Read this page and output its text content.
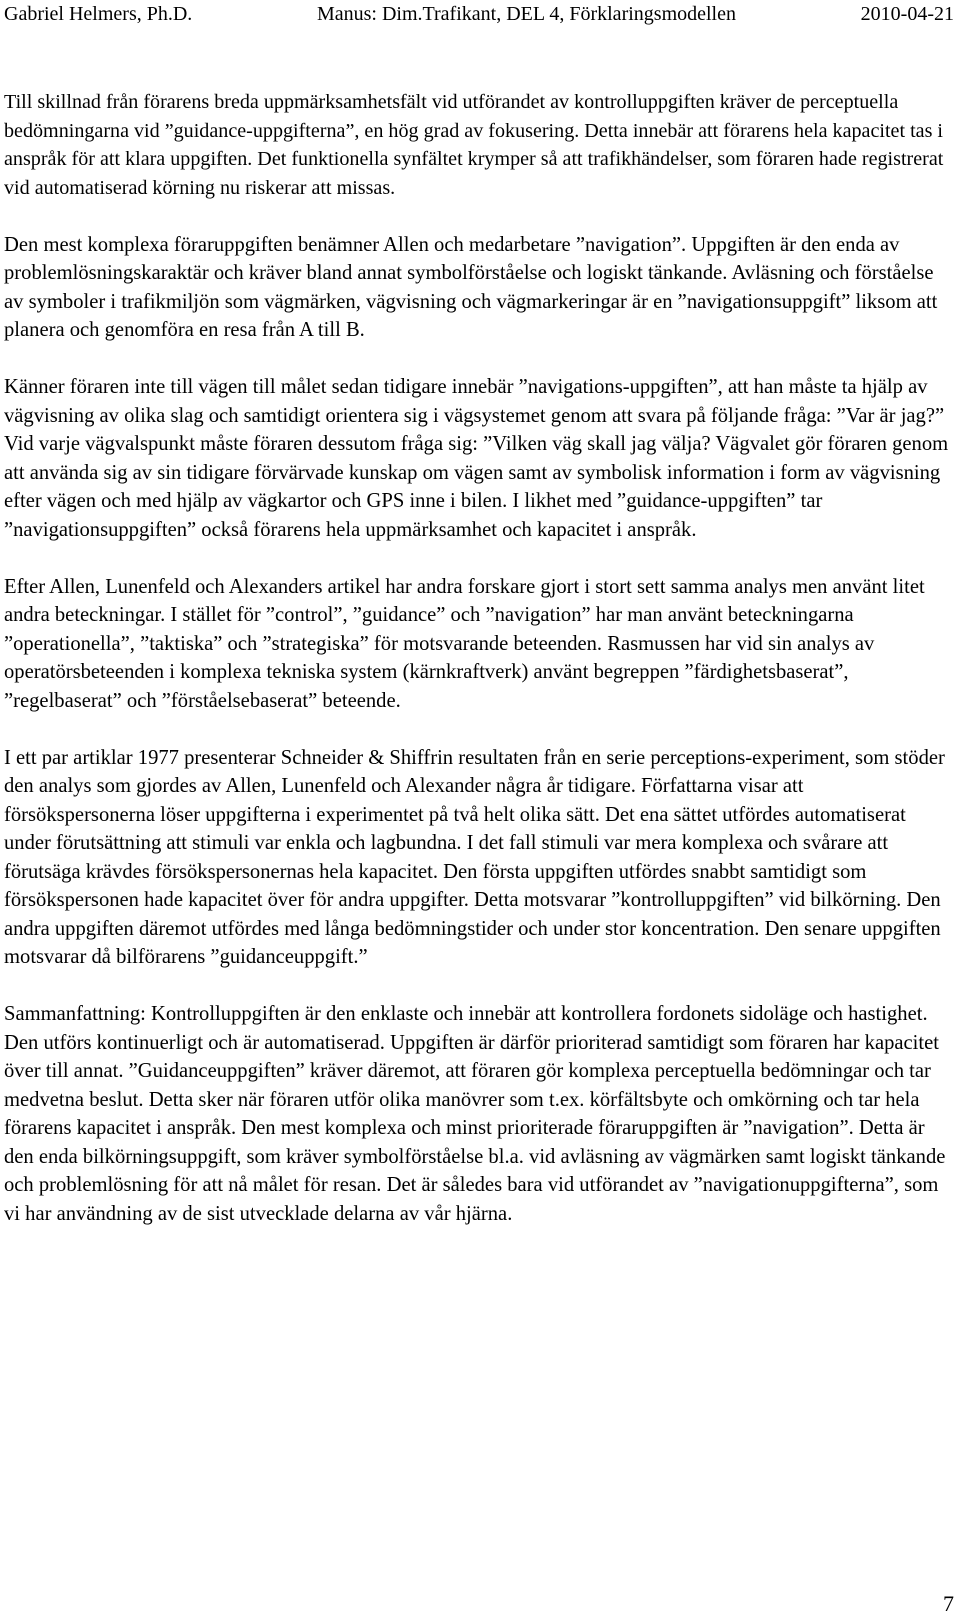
Gabriel Helmers, Ph.D.	Manus: Dim.Trafikant, DEL 4, Förklaringsmodellen	2010-04-21

Till skillnad från förarens breda uppmärksamhetsfält vid utförandet av kontrolluppgiften kräver de perceptuella bedömningarna vid ”guidance-uppgifterna”, en hög grad av fokusering. Detta innebär att förarens hela kapacitet tas i anspråk för att klara uppgiften. Det funktionella synfältet krymper så att trafikhändelser, som föraren hade registrerat vid automatiserad körning nu riskerar att missas.

Den mest komplexa föraruppgiften benämner Allen och medarbetare ”navigation”. Uppgiften är den enda av problemlösningskaraktär och kräver bland annat symbolförståelse och logiskt tänkande. Avläsning och förståelse av symboler i trafikmiljön som vägmärken, vägvisning och vägmarkeringar är en ”navigationsuppgift” liksom att planera och genomföra en resa från A till B.

Känner föraren inte till vägen till målet sedan tidigare innebär ”navigations-uppgiften”, att han måste ta hjälp av vägvisning av olika slag och samtidigt orientera sig i vägsystemet genom att svara på följande fråga: ”Var är jag?” Vid varje vägvalspunkt måste föraren dessutom fråga sig: ”Vilken väg skall jag välja? Vägvalet gör föraren genom att använda sig av sin tidigare förvärvade kunskap om vägen samt av symbolisk information i form av vägvisning efter vägen och med hjälp av vägkartor och GPS inne i bilen. I likhet med ”guidance-uppgiften” tar ”navigationsuppgiften” också förarens hela uppmärksamhet och kapacitet i anspråk.

Efter Allen, Lunenfeld och Alexanders artikel har andra forskare gjort i stort sett samma analys men använt litet andra beteckningar. I stället för ”control”, ”guidance” och ”navigation” har man använt beteckningarna ”operationella”, ”taktiska” och ”strategiska” för motsvarande beteenden. Rasmussen har vid sin analys av operatörsbeteenden i komplexa tekniska system (kärnkraftverk) använt begreppen ”färdighetsbaserat”, ”regelbaserat” och ”förståelsebaserat” beteende.

I ett par artiklar 1977 presenterar Schneider & Shiffrin resultaten från en serie perceptions-experiment, som stöder den analys som gjordes av Allen, Lunenfeld och Alexander några år tidigare. Författarna visar att försökspersonerna löser uppgifterna i experimentet på två helt olika sätt. Det ena sättet utfördes automatiserat under förutsättning att stimuli var enkla och lagbundna. I det fall stimuli var mera komplexa och svårare att förutsäga krävdes försökspersonernas hela kapacitet. Den första uppgiften utfördes snabbt samtidigt som försökspersonen hade kapacitet över för andra uppgifter. Detta motsvarar ”kontrolluppgiften” vid bilkörning. Den andra uppgiften däremot utfördes med långa bedömningstider och under stor koncentration. Den senare uppgiften motsvarar då bilförarens ”guidanceuppgift.”

Sammanfattning: Kontrolluppgiften är den enklaste och innebär att kontrollera fordonets sidoläge och hastighet. Den utförs kontinuerligt och är automatiserad. Uppgiften är därför prioriterad samtidigt som föraren har kapacitet över till annat. ”Guidanceuppgiften” kräver däremot, att föraren gör komplexa perceptuella bedömningar och tar medvetna beslut. Detta sker när föraren utför olika manövrer som t.ex. körfältsbyte och omkörning och tar hela förarens kapacitet i anspråk. Den mest komplexa och minst prioriterade föraruppgiften är ”navigation”. Detta är den enda bilkörningsuppgift, som kräver symbolförståelse bl.a. vid avläsning av vägmärken samt logiskt tänkande och problemlösning för att nå målet för resan. Det är således bara vid utförandet av ”navigationuppgifterna”, som vi har användning av de sist utvecklade delarna av vår hjärna.

7
